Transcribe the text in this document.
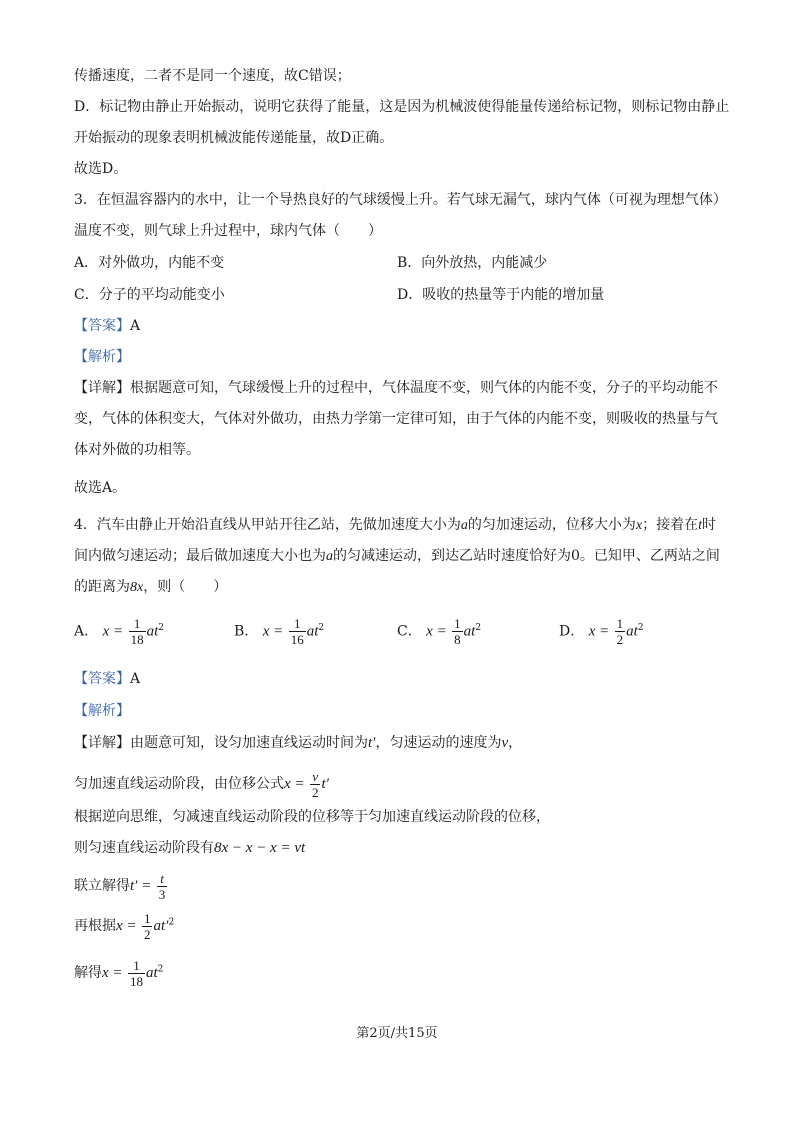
传播速度，二者不是同一个速度，故C错误；
D．标记物由静止开始振动，说明它获得了能量，这是因为机械波使得能量传递给标记物，则标记物由静止
开始振动的现象表明机械波能传递能量，故D正确。
故选D。
3．在恒温容器内的水中，让一个导热良好的气球缓慢上升。若气球无漏气，球内气体（可视为理想气体）
温度不变，则气球上升过程中，球内气体（　　）
A．对外做功，内能不变	B．向外放热，内能减少
C．分子的平均动能变小	D．吸收的热量等于内能的增加量
【答案】A
【解析】
【详解】根据题意可知，气球缓慢上升的过程中，气体温度不变，则气体的内能不变，分子的平均动能不
变，气体的体积变大，气体对外做功，由热力学第一定律可知，由于气体的内能不变，则吸收的热量与气
体对外做的功相等。
故选A。
4．汽车由静止开始沿直线从甲站开往乙站，先做加速度大小为a的匀加速运动，位移大小为x；接着在t时
间内做匀速运动；最后做加速度大小也为a的匀减速运动，到达乙站时速度恰好为0。已知甲、乙两站之间
的距离为8x，则（　　）
A． $x = \frac{1}{18} at^2$	B． $x = \frac{1}{16} at^2$	C． $x = \frac{1}{8} at^2$	D． $x = \frac{1}{2} at^2$
【答案】A
【解析】
【详解】由题意可知，设匀加速直线运动时间为t′，匀速运动的速度为v，
匀加速直线运动阶段，由位移公式$x = \frac{v}{2} t'$
根据逆向思维，匀减速直线运动阶段的位移等于匀加速直线运动阶段的位移，
则匀速直线运动阶段有8x − x − x = vt
联立解得$t' = \frac{t}{3}$
再根据$x = \frac{1}{2} at'^2$
解得$x = \frac{1}{18} at^2$
第2页/共15页
